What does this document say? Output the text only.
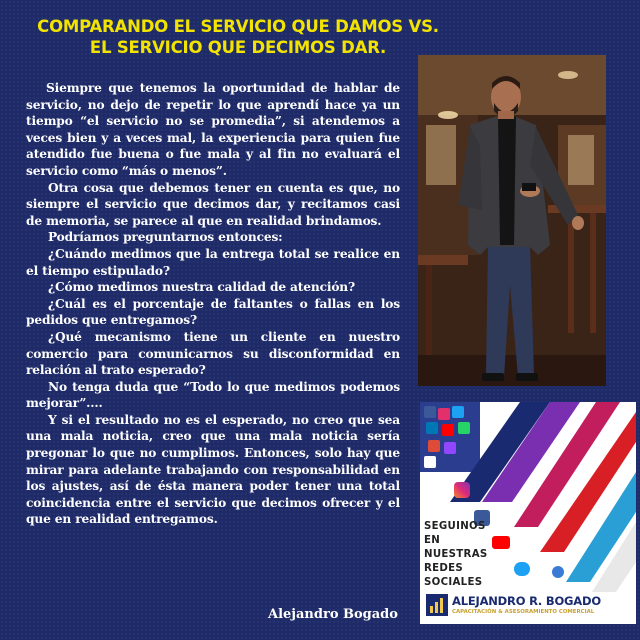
COMPARANDO EL SERVICIO QUE DAMOS VS.
EL SERVICIO QUE DECIMOS DAR.

Siempre que tenemos la oportunidad de hablar de servicio, no dejo de repetir lo que aprendí hace ya un tiempo “el servicio no se promedia”, si atendemos a veces bien y a veces mal, la experiencia para quien fue atendido fue buena o fue mala y al fin no evaluará el servicio como “más o menos”.

Otra cosa que debemos tener en cuenta es que, no siempre el servicio que decimos dar, y recitamos casi de memoria, se parece al que en realidad brindamos.

Podríamos preguntarnos entonces:

¿Cuándo medimos que la entrega total se realice en el tiempo estipulado?

¿Cómo medimos nuestra calidad de atención?

¿Cuál es el porcentaje de faltantes o fallas en los pedidos que entregamos?

¿Qué mecanismo tiene un cliente en nuestro comercio para comunicarnos su disconformidad en relación al trato esperado?

No tenga duda que “Todo lo que medimos podemos mejorar”....

Y si el resultado no es el esperado, no creo que sea una mala noticia, creo que una mala noticia sería pregonar lo que no cumplimos. Entonces, solo hay que mirar para adelante trabajando con responsabilidad en los ajustes, así de ésta manera poder tener una total coincidencia entre el servicio que decimos ofrecer y el que en realidad entregamos.

Alejandro Bogado
SEGUINOS
EN
NUESTRAS
REDES
SOCIALES
ALEJANDRO R. BOGADO
CAPACITACIÓN & ASESORAMIENTO COMERCIAL
